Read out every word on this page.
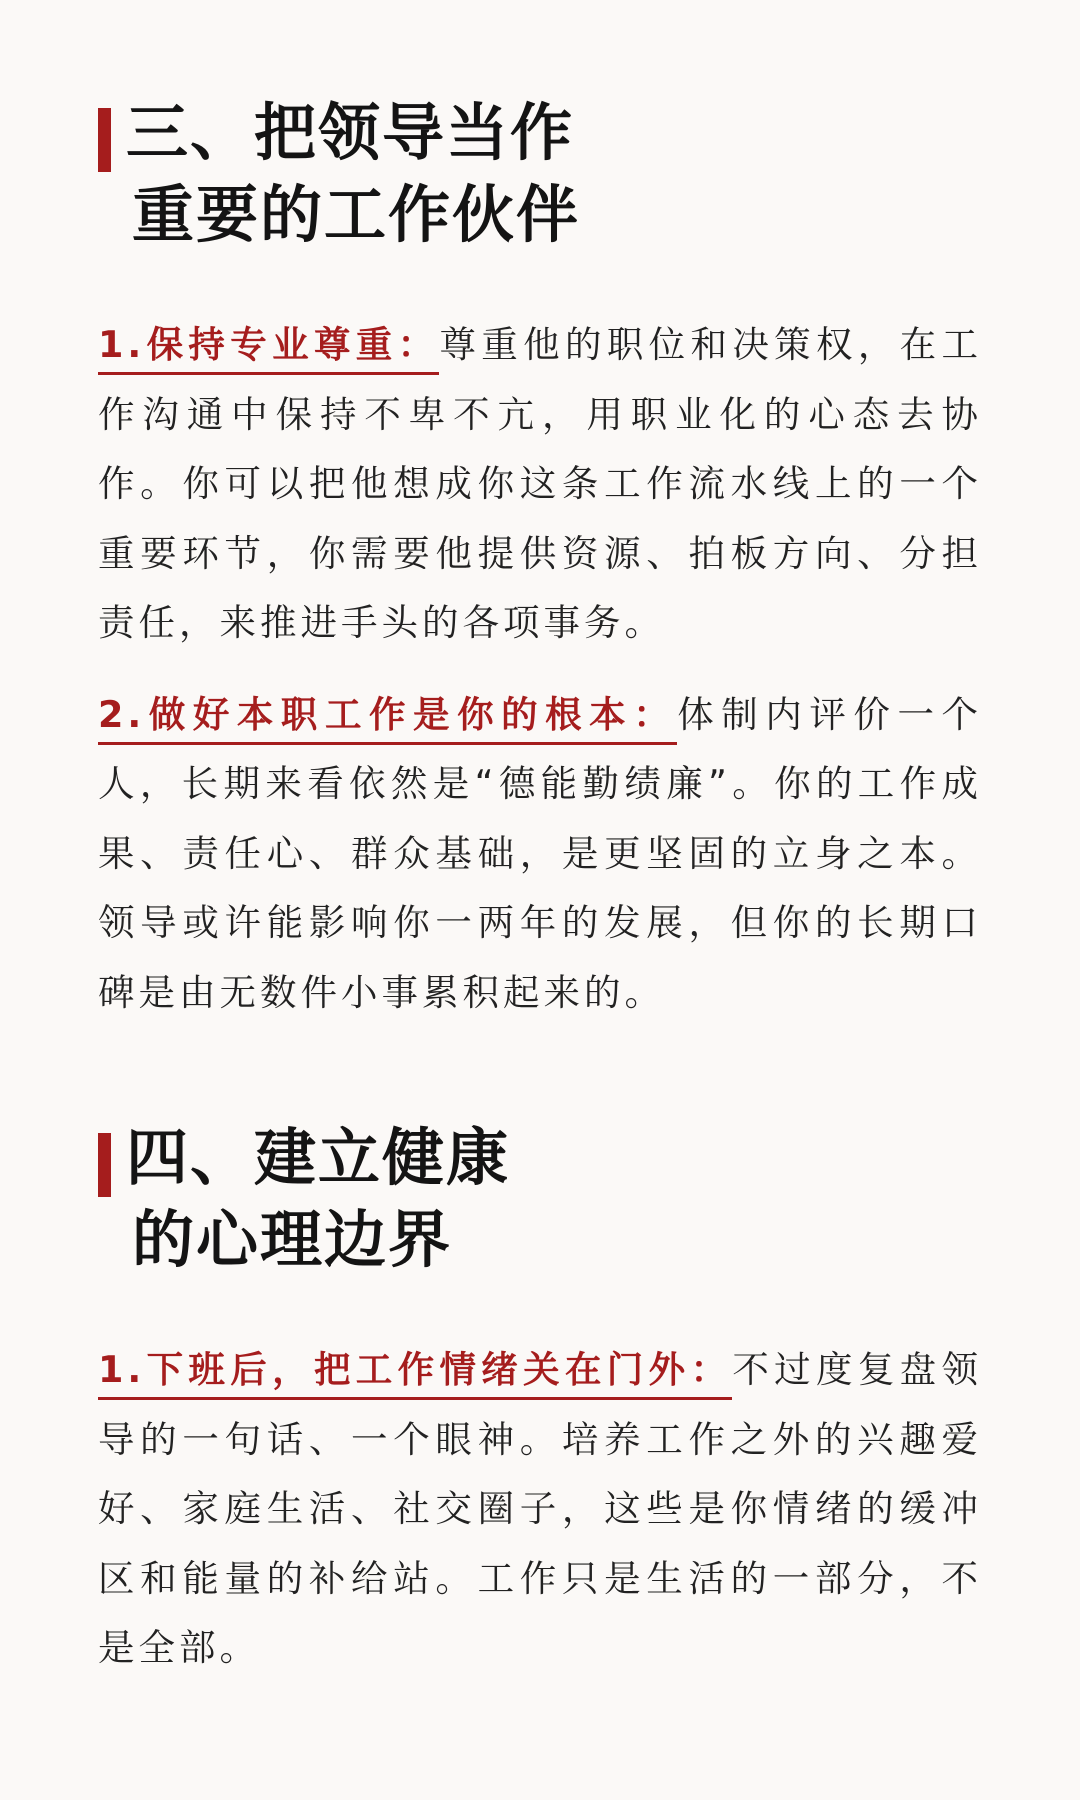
三、把领导当作
重要的工作伙伴

1.保持专业尊重：尊重他的职位和决策权，在工作沟通中保持不卑不亢，用职业化的心态去协作。你可以把他想成你这条工作流水线上的一个重要环节，你需要他提供资源、拍板方向、分担责任，来推进手头的各项事务。

2.做好本职工作是你的根本：体制内评价一个人，长期来看依然是“德能勤绩廉”。你的工作成果、责任心、群众基础，是更坚固的立身之本。领导或许能影响你一两年的发展，但你的长期口碑是由无数件小事累积起来的。

四、建立健康
的心理边界

1.下班后，把工作情绪关在门外：不过度复盘领导的一句话、一个眼神。培养工作之外的兴趣爱好、家庭生活、社交圈子，这些是你情绪的缓冲区和能量的补给站。工作只是生活的一部分，不是全部。
